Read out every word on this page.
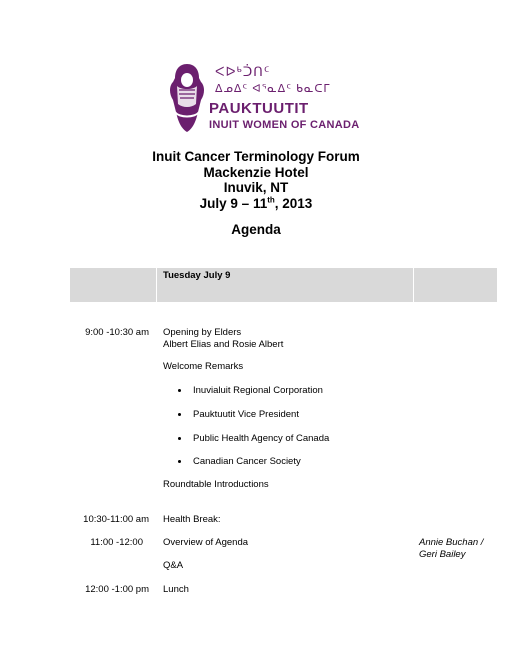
ᐸᐅᒃᑑᑎᑦ
ᐃᓄᐃᑦ ᐊᕐᓇᐃᑦ ᑲᓇᑕᒥ
PAUKTUUTIT
INUIT WOMEN OF CANADA
Inuit Cancer Terminology Forum
Mackenzie Hotel
Inuvik, NT
July 9 – 11th, 2013
Agenda
Tuesday July 9
9:00 -10:30 am Opening by Elders
Albert Elias and Rosie Albert
Welcome Remarks
Inuvialuit Regional Corporation
Pauktuutit Vice President
Public Health Agency of Canada
Canadian Cancer Society
Roundtable Introductions
10:30-11:00 am Health Break:
11:00 -12:00 Overview of Agenda	Annie Buchan /
Geri Bailey
Q&A
12:00 -1:00 pm Lunch
